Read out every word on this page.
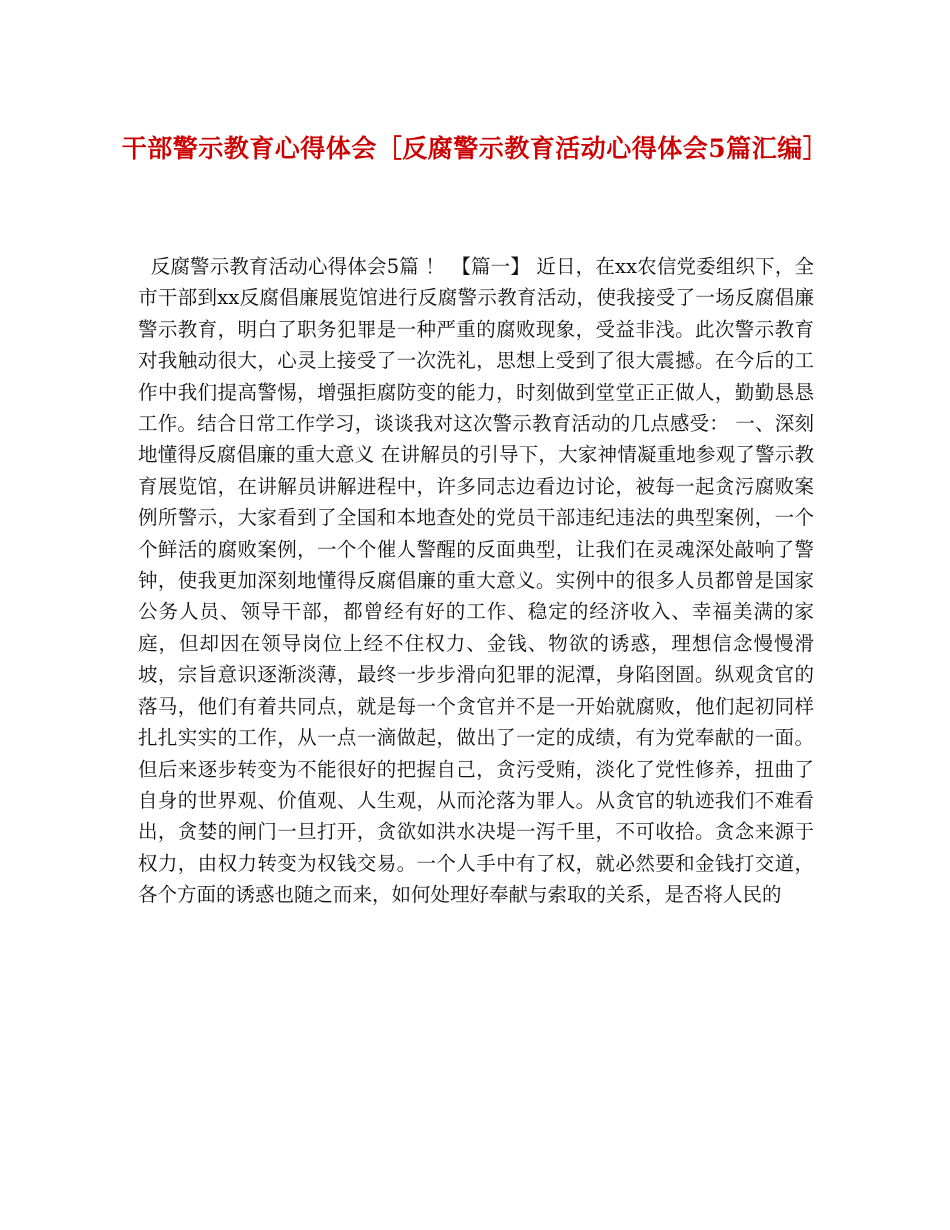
干部警示教育心得体会［反腐警示教育活动心得体会5篇汇编］

反腐警示教育活动心得体会5篇 ！ 【篇一】 近日，在xx农信党委组织下，全市干部到xx反腐倡廉展览馆进行反腐警示教育活动，使我接受了一场反腐倡廉警示教育，明白了职务犯罪是一种严重的腐败现象，受益非浅。此次警示教育对我触动很大，心灵上接受了一次洗礼，思想上受到了很大震撼。在今后的工作中我们提高警惕，增强拒腐防变的能力，时刻做到堂堂正正做人，勤勤恳恳工作。结合日常工作学习，谈谈我对这次警示教育活动的几点感受： 一、深刻地懂得反腐倡廉的重大意义 在讲解员的引导下，大家神情凝重地参观了警示教育展览馆，在讲解员讲解进程中，许多同志边看边讨论，被每一起贪污腐败案例所警示，大家看到了全国和本地查处的党员干部违纪违法的典型案例，一个个鲜活的腐败案例，一个个催人警醒的反面典型，让我们在灵魂深处敲响了警钟，使我更加深刻地懂得反腐倡廉的重大意义。实例中的很多人员都曾是国家公务人员、领导干部，都曾经有好的工作、稳定的经济收入、幸福美满的家庭，但却因在领导岗位上经不住权力、金钱、物欲的诱惑，理想信念慢慢滑坡，宗旨意识逐渐淡薄，最终一步步滑向犯罪的泥潭，身陷囹圄。纵观贪官的落马，他们有着共同点，就是每一个贪官并不是一开始就腐败，他们起初同样扎扎实实的工作，从一点一滴做起，做出了一定的成绩，有为党奉献的一面。但后来逐步转变为不能很好的把握自己，贪污受贿，淡化了党性修养，扭曲了自身的世界观、价值观、人生观，从而沦落为罪人。从贪官的轨迹我们不难看出，贪婪的闸门一旦打开，贪欲如洪水决堤一泻千里，不可收拾。贪念来源于权力，由权力转变为权钱交易。一个人手中有了权，就必然要和金钱打交道，各个方面的诱惑也随之而来，如何处理好奉献与索取的关系，是否将人民的
